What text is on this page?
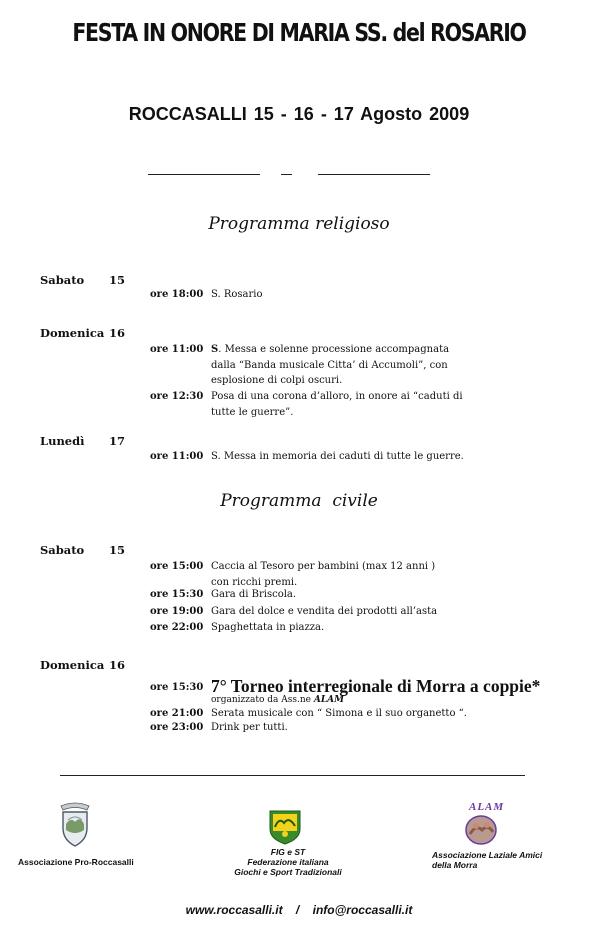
FESTA IN ONORE DI MARIA SS. del ROSARIO
ROCCASALLI 15 - 16 - 17 Agosto 2009
Programma religioso
Sabato 15
ore 18:00 S. Rosario
Domenica 16
ore 11:00 S. Messa e solenne processione accompagnata dalla “Banda musicale Citta’ di Accumoli”, con esplosione di colpi oscuri.
ore 12:30 Posa di una corona d’alloro, in onore ai “caduti di tutte le guerre”.
Lunedì 17
ore 11:00 S. Messa in memoria dei caduti di tutte le guerre.
Programma  civile
Sabato 15
ore 15:00 Caccia al Tesoro per bambini (max 12 anni ) con ricchi premi.
ore 15:30 Gara di Briscola.
ore 19:00 Gara del dolce e vendita dei prodotti all’asta
ore 22:00 Spaghettata in piazza.
Domenica 16
ore 15:30 7° Torneo interregionale di Morra a coppie*
organizzato da Ass.ne ALAM
ore 21:00 Serata musicale con “ Simona e il suo organetto “.
ore 23:00 Drink per tutti.
Associazione Pro-Roccasalli
FIG e ST
Federazione italiana
Giochi e Sport Tradizionali
ALAM
Associazione Laziale Amici
della Morra
www.roccasalli.it / info@roccasalli.it
